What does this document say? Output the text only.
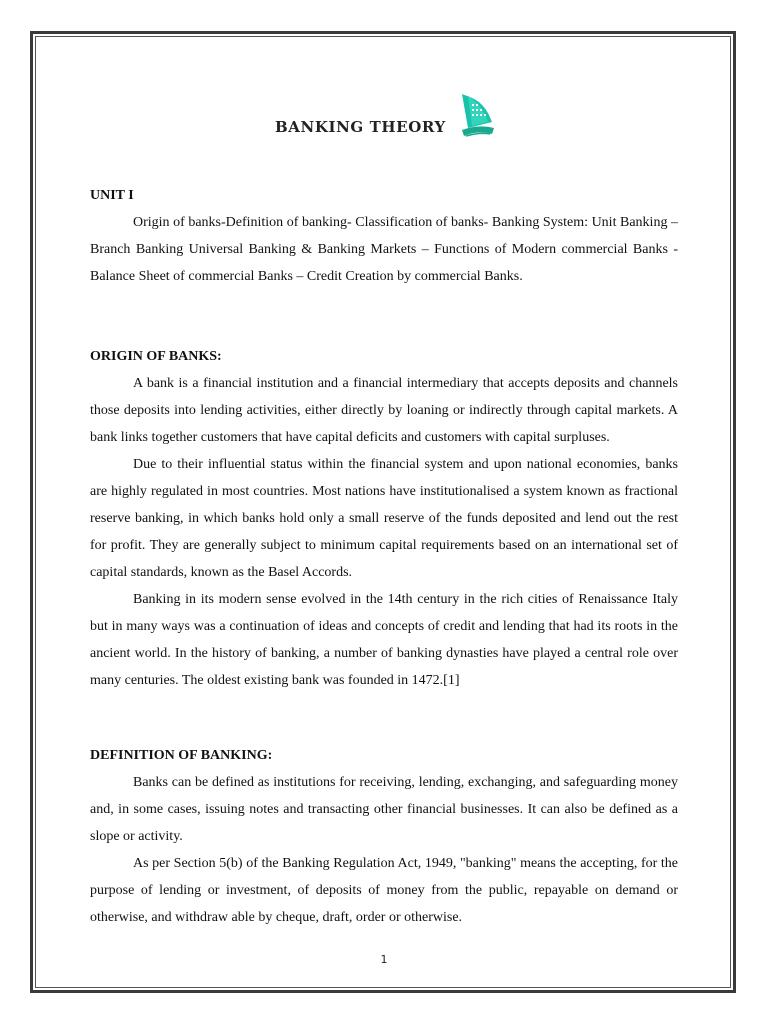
BANKING THEORY

UNIT I

Origin of banks-Definition of banking- Classification of banks- Banking System: Unit Banking – Branch Banking Universal Banking & Banking Markets – Functions of Modern commercial Banks - Balance Sheet of commercial Banks – Credit Creation by commercial Banks.

ORIGIN OF BANKS:

A bank is a financial institution and a financial intermediary that accepts deposits and channels those deposits into lending activities, either directly by loaning or indirectly through capital markets. A bank links together customers that have capital deficits and customers with capital surpluses.

Due to their influential status within the financial system and upon national economies, banks are highly regulated in most countries. Most nations have institutionalised a system known as fractional reserve banking, in which banks hold only a small reserve of the funds deposited and lend out the rest for profit. They are generally subject to minimum capital requirements based on an international set of capital standards, known as the Basel Accords.

Banking in its modern sense evolved in the 14th century in the rich cities of Renaissance Italy but in many ways was a continuation of ideas and concepts of credit and lending that had its roots in the ancient world. In the history of banking, a number of banking dynasties have played a central role over many centuries. The oldest existing bank was founded in 1472.[1]

DEFINITION OF BANKING:

Banks can be defined as institutions for receiving, lending, exchanging, and safeguarding money and, in some cases, issuing notes and transacting other financial businesses. It can also be defined as a slope or activity.

As per Section 5(b) of the Banking Regulation Act, 1949, "banking" means the accepting, for the purpose of lending or investment, of deposits of money from the public, repayable on demand or otherwise, and withdraw able by cheque, draft, order or otherwise.

1
